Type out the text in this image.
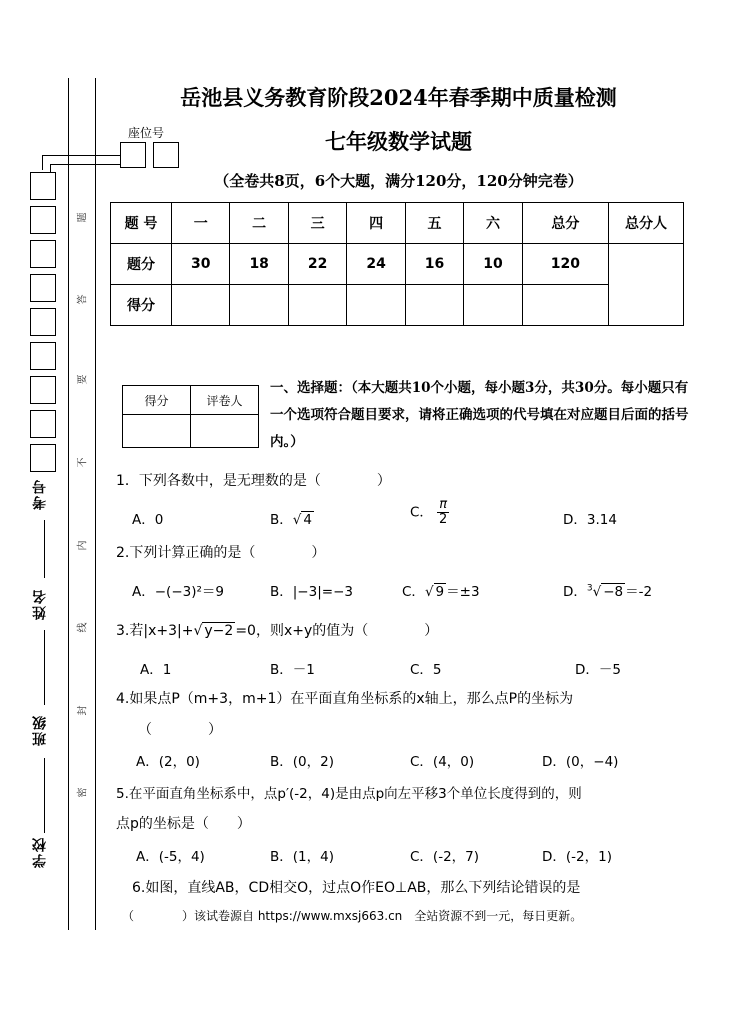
座位号
考号
姓名
班级
学校
题
答
要
不
内
线
封
密
岳池县义务教育阶段2024年春季期中质量检测
七年级数学试题
（全卷共8页，6个大题，满分120分，120分钟完卷）
题 号	一	二	三	四	五	六	总分	总分人
题分	30	18	22	24	16	10	120	
得分								
得分	评卷人

一、选择题：（本大题共10个小题，每小题3分，共30分。每小题只有一个选项符合题目要求，请将正确选项的代号填在对应题目后面的括号内。）
1．下列各数中，是无理数的是（　　　　）
A．0	B．√ 4	C． $\frac{\pi}{2}$	D．3.14
2.下列计算正确的是（　　　　）
A．−(−3)²＝9	B．|−3|=−3	C．√ 9 ＝±3	D．$^3$√ −8 ＝-2
3.若|x+3|+√ y−2 =0，则x+y的值为（　　　　）
A．1	B．－1	C．5	D．－5
4.如果点P（m+3，m+1）在平面直角坐标系的x轴上，那么点P的坐标为
（　　　　）
A．(2，0)	B．(0，2)	C．(4，0)	D．(0，−4)
5.在平面直角坐标系中，点p′(-2，4)是由点p向左平移3个单位长度得到的，则
点p的坐标是（　　）
A．(-5，4)	B．(1，4)	C．(-2，7)	D．(-2，1)
6.如图，直线AB，CD相交O，过点O作EO⊥AB，那么下列结论错误的是
（　　　　）该试卷源自 https://www.mxsj663.cn　全站资源不到一元，每日更新。
